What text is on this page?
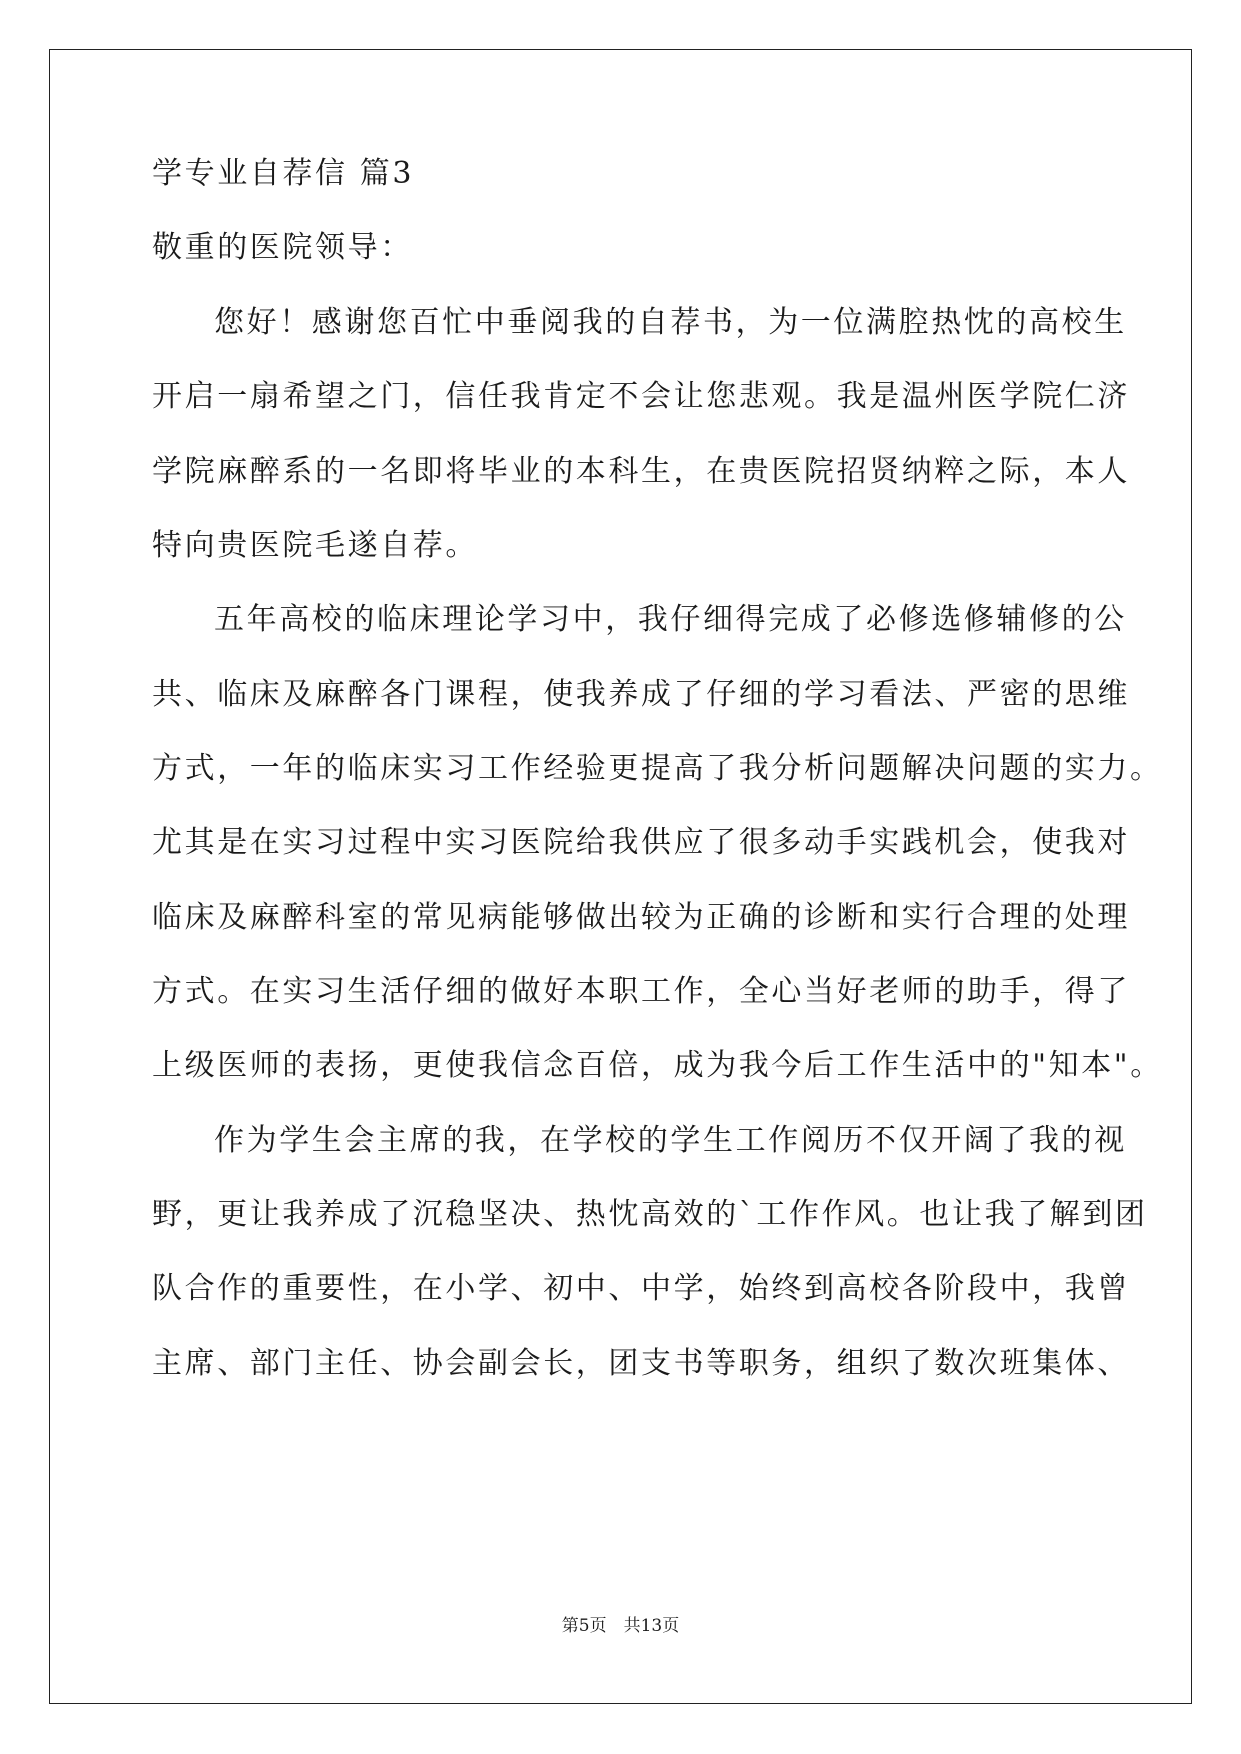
学专业自荐信 篇3
敬重的医院领导：
您好！感谢您百忙中垂阅我的自荐书，为一位满腔热忱的高校生
开启一扇希望之门，信任我肯定不会让您悲观。我是温州医学院仁济
学院麻醉系的一名即将毕业的本科生，在贵医院招贤纳粹之际，本人
特向贵医院毛遂自荐。
五年高校的临床理论学习中，我仔细得完成了必修选修辅修的公
共、临床及麻醉各门课程，使我养成了仔细的学习看法、严密的思维
方式，一年的临床实习工作经验更提高了我分析问题解决问题的实力。
尤其是在实习过程中实习医院给我供应了很多动手实践机会，使我对
临床及麻醉科室的常见病能够做出较为正确的诊断和实行合理的处理
方式。在实习生活仔细的做好本职工作，全心当好老师的助手，得了
上级医师的表扬，更使我信念百倍，成为我今后工作生活中的"知本"。
作为学生会主席的我，在学校的学生工作阅历不仅开阔了我的视
野，更让我养成了沉稳坚决、热忱高效的`工作作风。也让我了解到团
队合作的重要性，在小学、初中、中学，始终到高校各阶段中，我曾
主席、部门主任、协会副会长，团支书等职务，组织了数次班集体、
第5页　共13页
